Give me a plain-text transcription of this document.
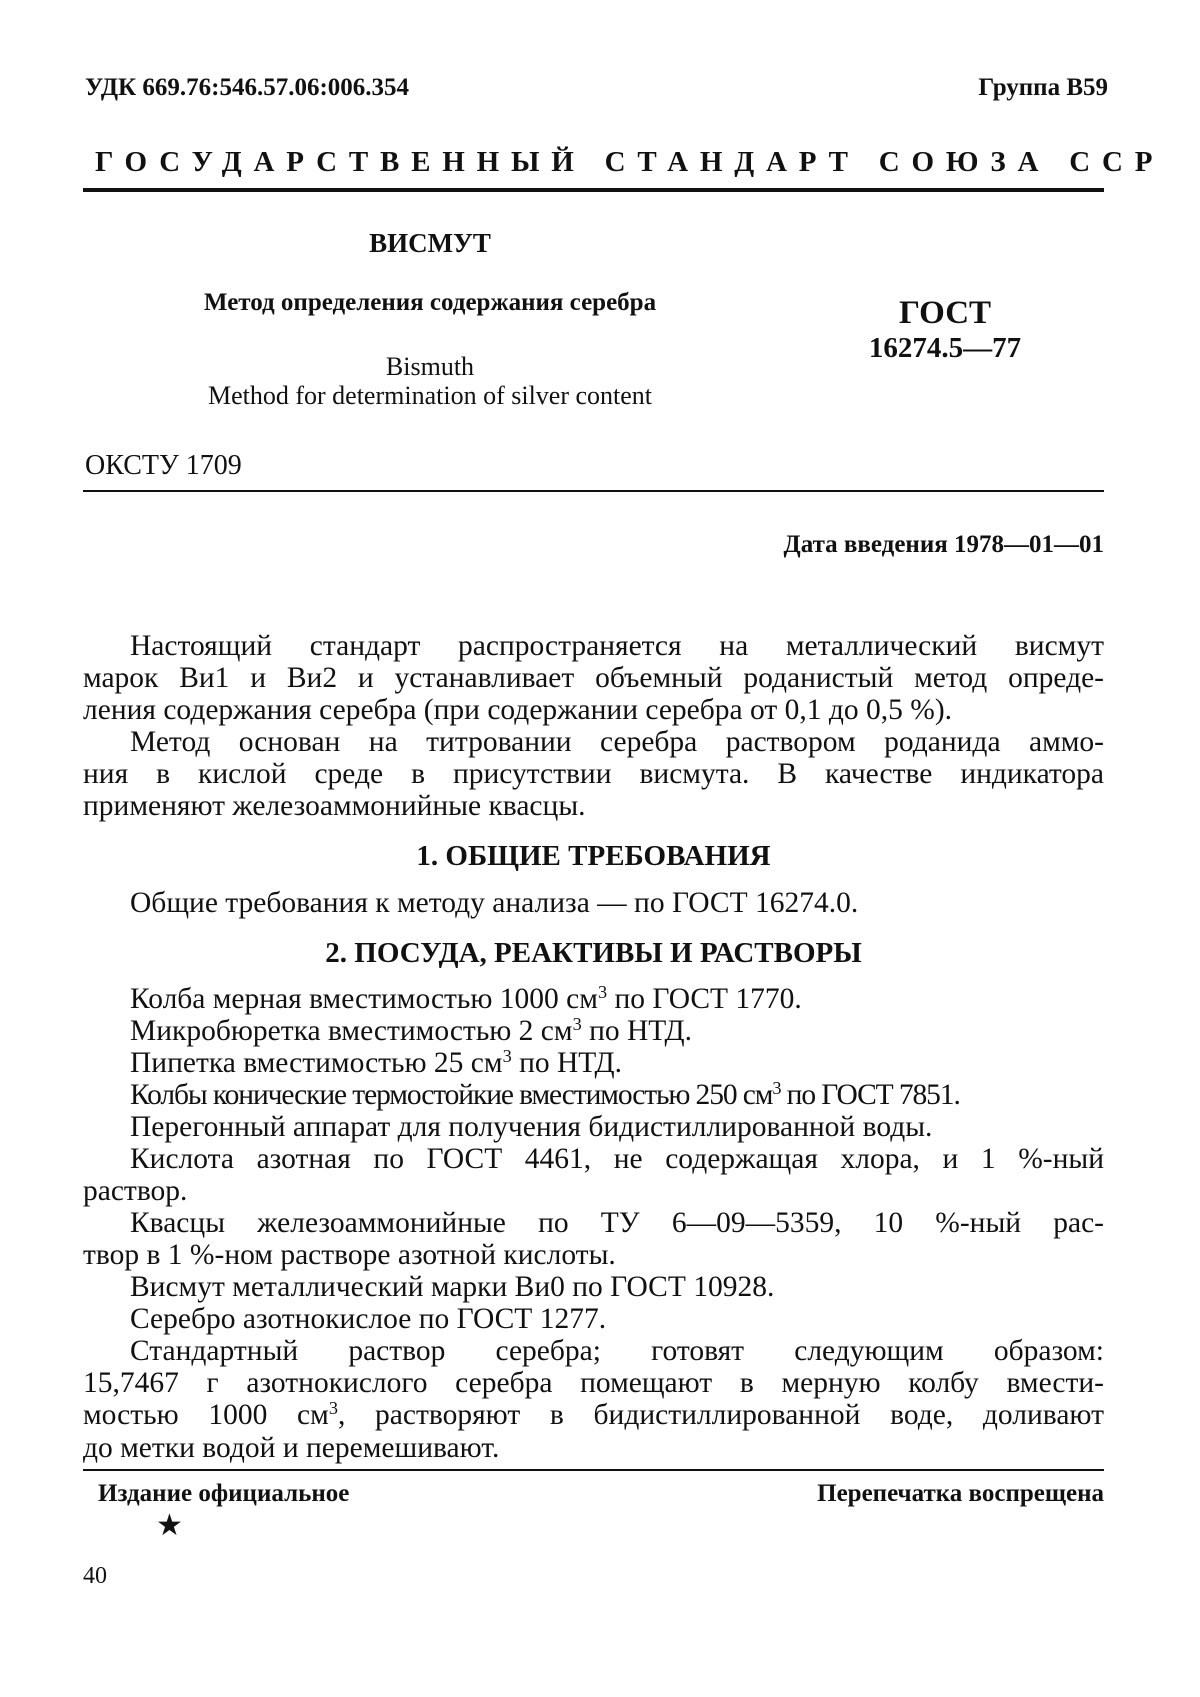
УДК 669.76:546.57.06:006.354	Группа В59
ГОСУДАРСТВЕННЫЙ СТАНДАРТ СОЮЗА ССР
ВИСМУТ
Метод определения содержания серебра
Bismuth
Method for determination of silver content
ГОСТ
16274.5—77
ОКСТУ 1709
Дата введения 1978—01—01
Настоящий стандарт распространяется на металлический висмут
марок Ви1 и Ви2 и устанавливает объемный роданистый метод опреде-
ления содержания серебра (при содержании серебра от 0,1 до 0,5 %).
Метод основан на титровании серебра раствором роданида аммо-
ния в кислой среде в присутствии висмута. В качестве индикатора
применяют железоаммонийные квасцы.
1. ОБЩИЕ ТРЕБОВАНИЯ
Общие требования к методу анализа — по ГОСТ 16274.0.
2. ПОСУДА, РЕАКТИВЫ И РАСТВОРЫ
Колба мерная вместимостью 1000 $см^3$ по ГОСТ 1770.
Микробюретка вместимостью 2 $см^3$ по НТД.
Пипетка вместимостью 25 $см^3$ по НТД.
Колбы конические термостойкие вместимостью 250 $см^3$ по ГОСТ 7851.
Перегонный аппарат для получения бидистиллированной воды.
Кислота азотная по ГОСТ 4461, не содержащая хлора, и 1 %-ный
раствор.
Квасцы железоаммонийные по ТУ 6—09—5359, 10 %-ный рас-
твор в 1 %-ном растворе азотной кислоты.
Висмут металлический марки Ви0 по ГОСТ 10928.
Серебро азотнокислое по ГОСТ 1277.
Стандартный раствор серебра; готовят следующим образом:
15,7467 г азотнокислого серебра помещают в мерную колбу вмести-
мостью 1000 $см^3$, растворяют в бидистиллированной воде, доливают
до метки водой и перемешивают.
Издание официальное	Перепечатка воспрещена
★
40
